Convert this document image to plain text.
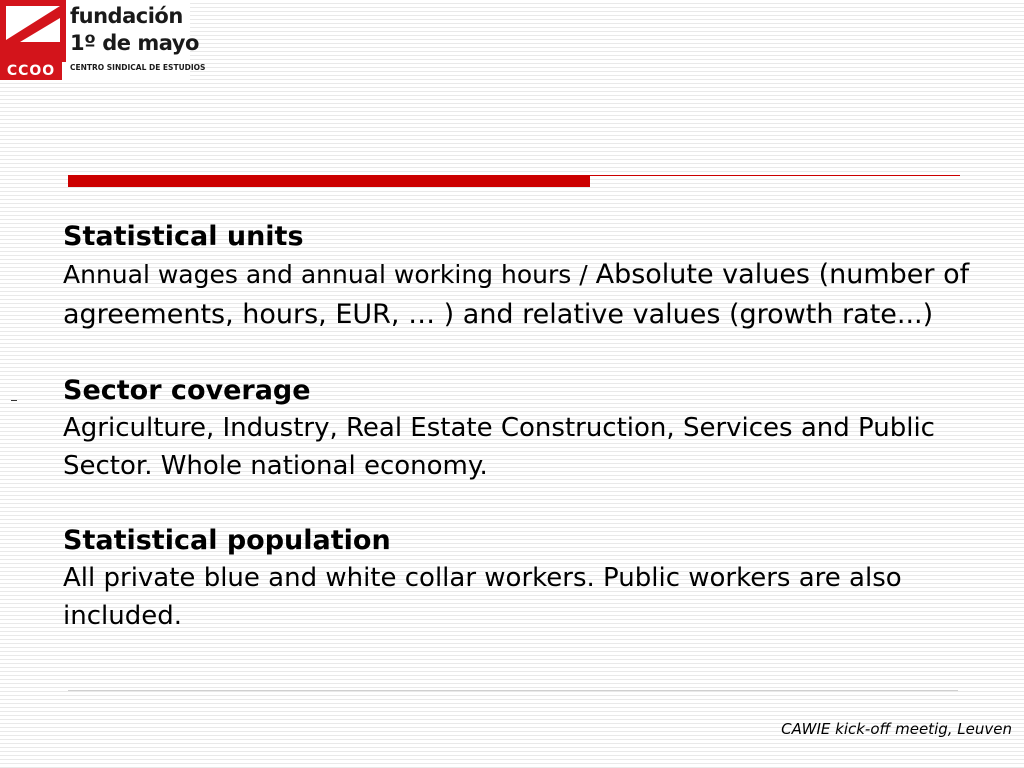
CCOO
fundación
1º de mayo
CENTRO SINDICAL DE ESTUDIOS

Statistical units

Annual wages and annual working hours / Absolute values (number of agreements, hours, EUR, … ) and relative values (growth rate...)

Sector coverage

Agriculture, Industry, Real Estate Construction, Services and Public Sector. Whole national economy.

Statistical population

All private blue and white collar workers. Public workers are also included.

CAWIE kick-off meetig, Leuven
